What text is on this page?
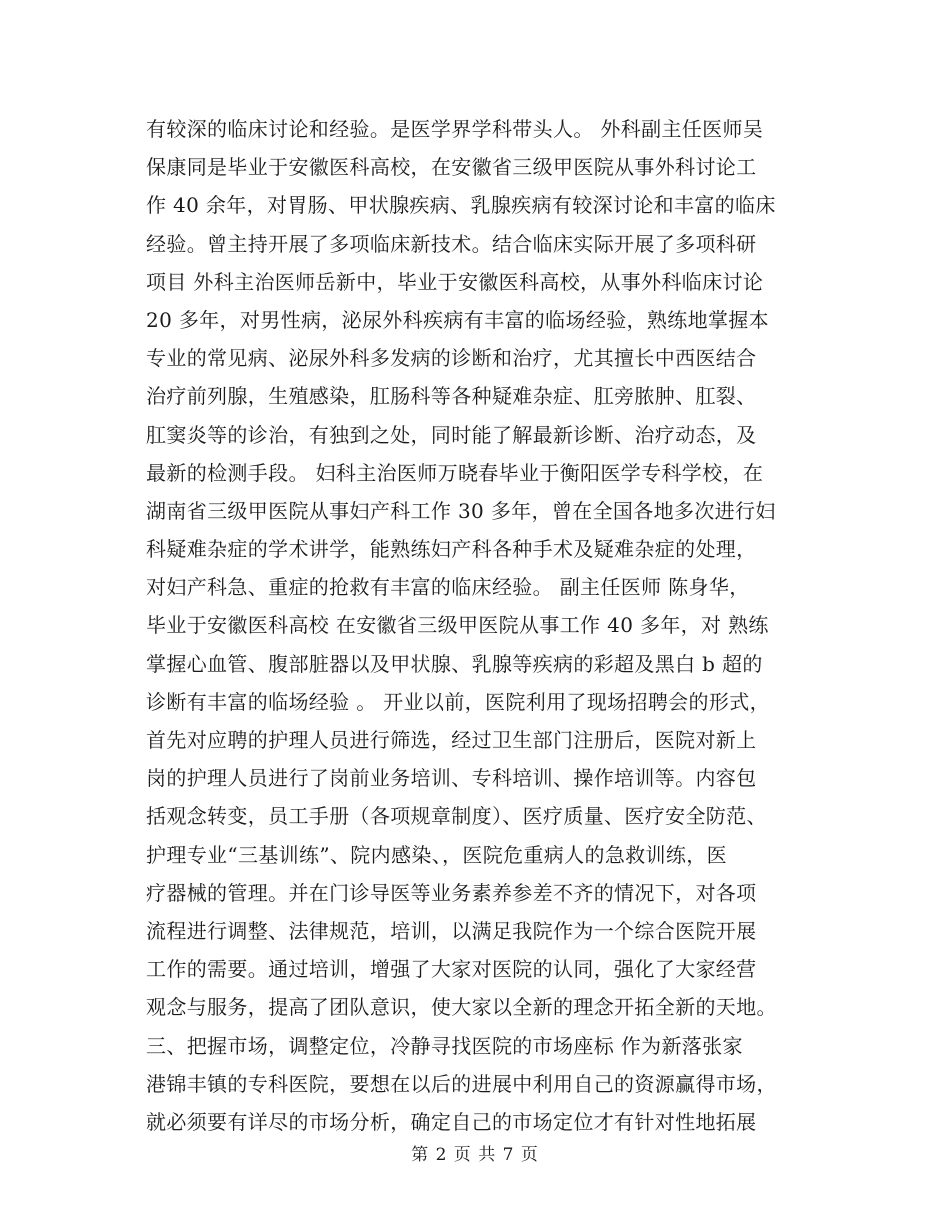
有较深的临床讨论和经验。是医学界学科带头人。 外科副主任医师吴
保康同是毕业于安徽医科高校，在安徽省三级甲医院从事外科讨论工
作 40 余年，对胃肠、甲状腺疾病、乳腺疾病有较深讨论和丰富的临床
经验。曾主持开展了多项临床新技术。结合临床实际开展了多项科研
项目 外科主治医师岳新中，毕业于安徽医科高校，从事外科临床讨论
20 多年，对男性病，泌尿外科疾病有丰富的临场经验，熟练地掌握本
专业的常见病、泌尿外科多发病的诊断和治疗，尤其擅长中西医结合
治疗前列腺，生殖感染，肛肠科等各种疑难杂症、肛旁脓肿、肛裂、
肛窦炎等的诊治，有独到之处，同时能了解最新诊断、治疗动态，及
最新的检测手段。 妇科主治医师万晓春毕业于衡阳医学专科学校，在
湖南省三级甲医院从事妇产科工作 30 多年，曾在全国各地多次进行妇
科疑难杂症的学术讲学，能熟练妇产科各种手术及疑难杂症的处理，
对妇产科急、重症的抢救有丰富的临床经验。 副主任医师 陈身华，
毕业于安徽医科高校 在安徽省三级甲医院从事工作 40 多年，对 熟练
掌握心血管、腹部脏器以及甲状腺、乳腺等疾病的彩超及黑白 b 超的
诊断有丰富的临场经验 。 开业以前，医院利用了现场招聘会的形式，
首先对应聘的护理人员进行筛选，经过卫生部门注册后，医院对新上
岗的护理人员进行了岗前业务培训、专科培训、操作培训等。内容包
括观念转变，员工手册（各项规章制度）、医疗质量、医疗安全防范、
护理专业“三基训练”、院内感染、，医院危重病人的急救训练，医
疗器械的管理。并在门诊导医等业务素养参差不齐的情况下，对各项
流程进行调整、法律规范，培训，以满足我院作为一个综合医院开展
工作的需要。通过培训，增强了大家对医院的认同，强化了大家经营
观念与服务，提高了团队意识，使大家以全新的理念开拓全新的天地。
三、把握市场，调整定位，冷静寻找医院的市场座标 作为新落张家
港锦丰镇的专科医院，要想在以后的进展中利用自己的资源赢得市场，
就必须要有详尽的市场分析，确定自己的市场定位才有针对性地拓展
第 2 页 共 7 页
